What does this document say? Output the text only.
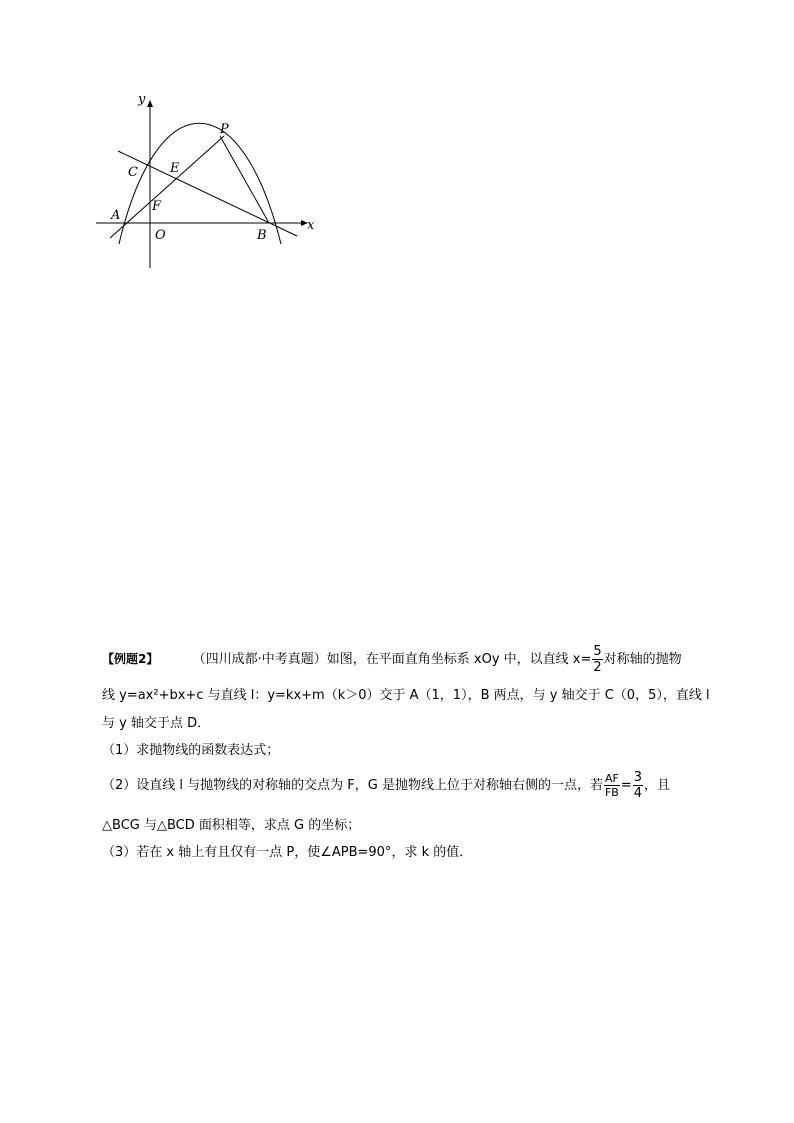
y
x
P
C E
F
A
O	B
【例题2】	（四川成都·中考真题）如图，在平面直角坐标系 xOy 中，以直线 $x= \frac{5}{2}$ 对称轴的抛物
线 y=ax²+bx+c 与直线 l：y=kx+m（k＞0）交于 A（1，1），B 两点，与 y 轴交于 C（0，5），直线 l
与 y 轴交于点 D．
（1）求抛物线的函数表达式；
（2）设直线 l 与抛物线的对称轴的交点为 F，G 是抛物线上位于对称轴右侧的一点，若 $\frac{AF}{FB} = \frac{3}{4}$ ，且
△BCG 与△BCD 面积相等，求点 G 的坐标；
（3）若在 x 轴上有且仅有一点 P，使∠APB=90°，求 k 的值．
